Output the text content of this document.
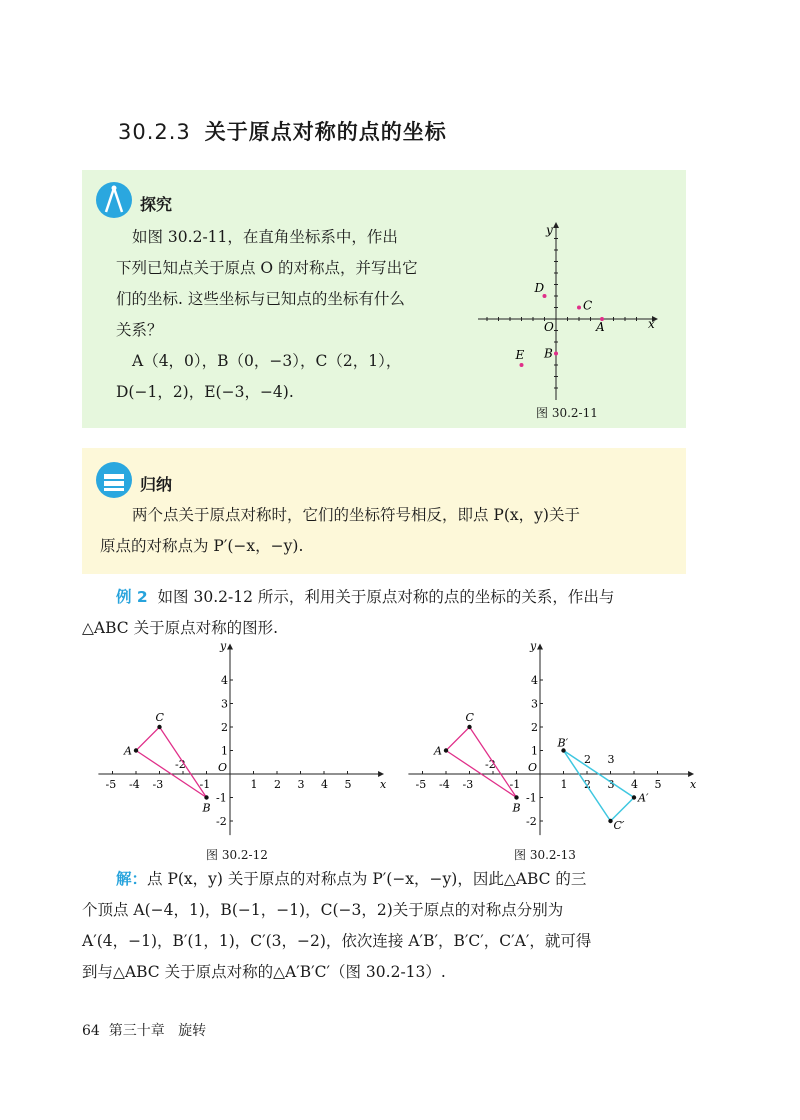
30.2.3 关于原点对称的点的坐标
探究
如图 30.2-11，在直角坐标系中，作出
下列已知点关于原点 O 的对称点，并写出它
们的坐标. 这些坐标与已知点的坐标有什么
关系？
A（4，0），B（0，−3），C（2，1），
D(−1，2)，E(−3，−4).
x
y
O
D
C
A
B
E
图 30.2-11
归纳
两个点关于原点对称时，它们的坐标符号相反，即点 P(x，y)关于
原点的对称点为 P′(−x，−y).
例 2 如图 30.2-12 所示，利用关于原点对称的点的坐标的关系，作出与
△ABC 关于原点对称的图形.
x
y
O
-5 -4 -3	-1	1 2 3 4 5
4
3
2
1
-1
-2
-2
A
B
C
图 30.2-12
x
y
O
-5 -4 -3	-1	1 2 3 4 5
4
3
2
1
-1
-2
-2
A
B
C
A′
B′
C′
2 3
图 30.2-13
解：点 P(x，y) 关于原点的对称点为 P′(−x，−y)，因此△ABC 的三
个顶点 A(−4，1)，B(−1，−1)，C(−3，2)关于原点的对称点分别为
A′(4，−1)，B′(1，1)，C′(3，−2)，依次连接 A′B′，B′C′，C′A′，就可得
到与△ABC 关于原点对称的△A′B′C′（图 30.2-13）.
64 第三十章 旋转
